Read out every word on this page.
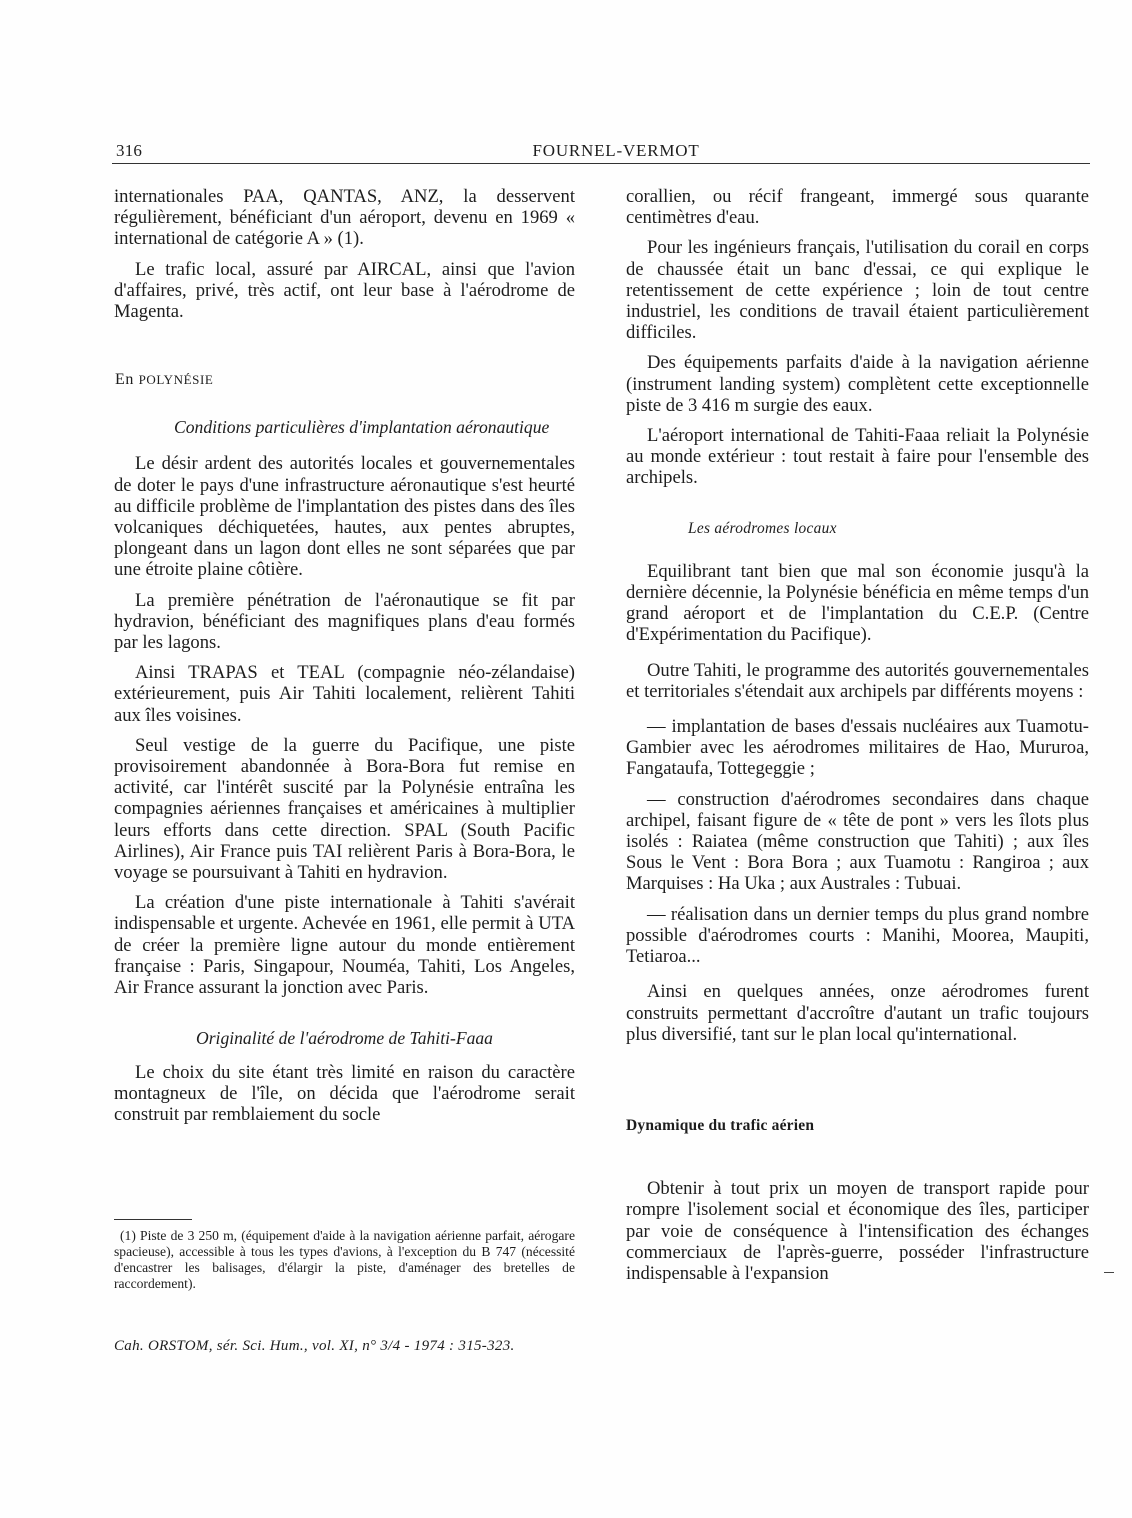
316	FOURNEL-VERMOT

internationales PAA, QANTAS, ANZ, la desservent régulièrement, bénéficiant d'un aéroport, devenu en 1969 « international de catégorie A » (1).

Le trafic local, assuré par AIRCAL, ainsi que l'avion d'affaires, privé, très actif, ont leur base à l'aérodrome de Magenta.

En POLYNÉSIE
Conditions particulières d'implantation aéronautique

Le désir ardent des autorités locales et gouvernementales de doter le pays d'une infrastructure aéronautique s'est heurté au difficile problème de l'implantation des pistes dans des îles volcaniques déchiquetées, hautes, aux pentes abruptes, plongeant dans un lagon dont elles ne sont séparées que par une étroite plaine côtière.

La première pénétration de l'aéronautique se fit par hydravion, bénéficiant des magnifiques plans d'eau formés par les lagons.

Ainsi TRAPAS et TEAL (compagnie néo-zélandaise) extérieurement, puis Air Tahiti localement, relièrent Tahiti aux îles voisines.

Seul vestige de la guerre du Pacifique, une piste provisoirement abandonnée à Bora-Bora fut remise en activité, car l'intérêt suscité par la Polynésie entraîna les compagnies aériennes françaises et américaines à multiplier leurs efforts dans cette direction. SPAL (South Pacific Airlines), Air France puis TAI relièrent Paris à Bora-Bora, le voyage se poursuivant à Tahiti en hydravion.

La création d'une piste internationale à Tahiti s'avérait indispensable et urgente. Achevée en 1961, elle permit à UTA de créer la première ligne autour du monde entièrement française : Paris, Singapour, Nouméa, Tahiti, Los Angeles, Air France assurant la jonction avec Paris.

Originalité de l'aérodrome de Tahiti-Faaa

Le choix du site étant très limité en raison du caractère montagneux de l'île, on décida que l'aérodrome serait construit par remblaiement du socle

(1) Piste de 3 250 m, (équipement d'aide à la navigation aérienne parfait, aérogare spacieuse), accessible à tous les types d'avions, à l'exception du B 747 (nécessité d'encastrer les balisages, d'élargir la piste, d'aménager des bretelles de raccordement).
Cah. ORSTOM, sér. Sci. Hum., vol. XI, n° 3/4 - 1974 : 315-323.

corallien, ou récif frangeant, immergé sous quarante centimètres d'eau.

Pour les ingénieurs français, l'utilisation du corail en corps de chaussée était un banc d'essai, ce qui explique le retentissement de cette expérience ; loin de tout centre industriel, les conditions de travail étaient particulièrement difficiles.

Des équipements parfaits d'aide à la navigation aérienne (instrument landing system) complètent cette exceptionnelle piste de 3 416 m surgie des eaux.

L'aéroport international de Tahiti-Faaa reliait la Polynésie au monde extérieur : tout restait à faire pour l'ensemble des archipels.

Les aérodromes locaux

Equilibrant tant bien que mal son économie jusqu'à la dernière décennie, la Polynésie bénéficia en même temps d'un grand aéroport et de l'implantation du C.E.P. (Centre d'Expérimentation du Pacifique).

Outre Tahiti, le programme des autorités gouvernementales et territoriales s'étendait aux archipels par différents moyens :

— implantation de bases d'essais nucléaires aux Tuamotu-Gambier avec les aérodromes militaires de Hao, Mururoa, Fangataufa, Tottegeggie ;

— construction d'aérodromes secondaires dans chaque archipel, faisant figure de « tête de pont » vers les îlots plus isolés : Raiatea (même construction que Tahiti) ; aux îles Sous le Vent : Bora Bora ; aux Tuamotu : Rangiroa ; aux Marquises : Ha Uka ; aux Australes : Tubuai.

— réalisation dans un dernier temps du plus grand nombre possible d'aérodromes courts : Manihi, Moorea, Maupiti, Tetiaroa...

Ainsi en quelques années, onze aérodromes furent construits permettant d'accroître d'autant un trafic toujours plus diversifié, tant sur le plan local qu'international.

Dynamique du trafic aérien

Obtenir à tout prix un moyen de transport rapide pour rompre l'isolement social et économique des îles, participer par voie de conséquence à l'intensification des échanges commerciaux de l'après-guerre, posséder l'infrastructure indispensable à l'expansion
